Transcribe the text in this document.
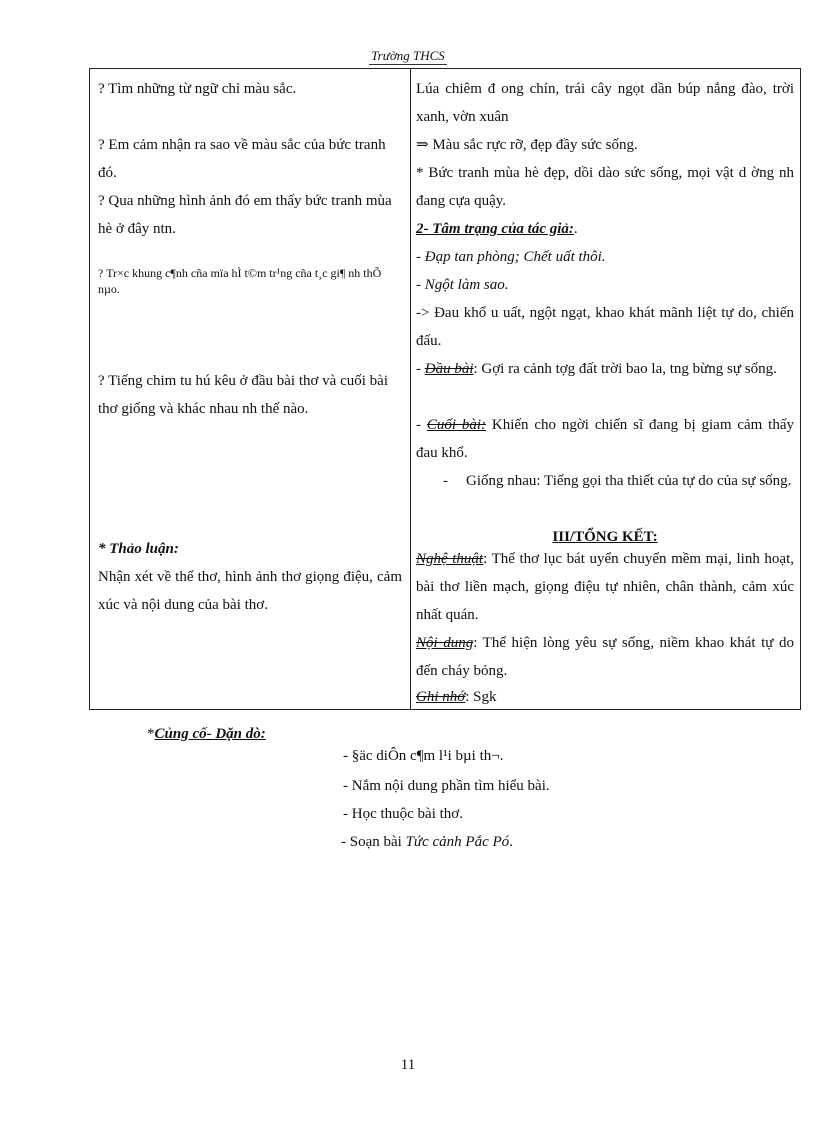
Trường THCS
? Tìm những từ ngữ chỉ màu sắc.
? Em cảm nhận ra sao về màu sắc của bức tranh đó.
? Qua những hình ảnh đó em thấy bức tranh mùa hè ở đây ntn.
? Tr×c khung c¶nh cña mïa hÌ t©m tr¹ng cña t¸c gi¶ nh thÕ nµo.
? Tiếng chim tu hú kêu ở đầu bài thơ và cuối bài thơ giống và khác nhau nh thế nào.
* Thảo luận:
Nhận xét về thể thơ, hình ảnh thơ giọng điệu, cảm xúc và nội dung của bài thơ.
Lúa chiêm đ ong chín, trái cây ngọt dần búp nắng đào, trời xanh, vờn xuân
⇒ Màu sắc rực rỡ, đẹp đầy sức sống.
* Bức tranh mùa hè đẹp, dồi dào sức sống, mọi vật d ờng nh đang cựa quậy.
2- Tâm trạng của tác giả:.
- Đạp tan phòng; Chết uất thôi.
- Ngột làm sao.
-> Đau khổ u uất, ngột ngạt, khao khát mãnh liệt tự do, chiến đấu.
- Đầu bài: Gợi ra cảnh tợg đất trời bao la, tng bừng sự sống.
- Cuối bài: Khiến cho ngời chiến sĩ đang bị giam cảm thấy đau khổ.
-	Giống nhau: Tiếng gọi tha thiết của tự do của sự sống.
III/TỔNG KẾT:
Nghệ thuật: Thể thơ lục bát uyển chuyển mềm mại, linh hoạt, bài thơ liền mạch, giọng điệu tự nhiên, chân thành, cảm xúc nhất quán.
Nội dung: Thể hiện lòng yêu sự sống, niềm khao khát tự do đến cháy bỏng.
Ghi nhớ: Sgk
*Củng cố- Dặn dò:
- §äc diÔn c¶m l¹i bµi th¬.
- Nắm nội dung phần tìm hiểu bài.
- Học thuộc bài thơ.
- Soạn bài Tức cảnh Pắc Pó.
11
